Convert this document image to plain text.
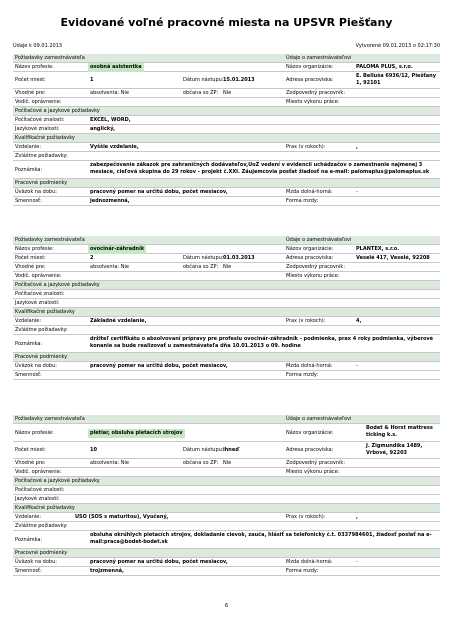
Evidované voľné pracovné miesta na UPSVR Piešťany
Údaje k 09.01.2013	Vytvorené 09.01.2013 o 02:17:30
Požiadavky zamestnávateľa	Údaje o zamestnávateľovi
Názov profesie:	osobná asistentka	Názov organizácie:	PALOMA PLUS, s.r.o.
Počet miest:	1	Dátum nástupu: 15.01.2013	Adresa pracoviska:
E. Belluša 6936/12, Piešťany 1, 92101
Vhodné pre:	absolventa: Nie	občana so ZP: Nie	Zodpovedný pracovník:
Vodič. oprávnenie:	Miesto výkonu práce:
Počítačové a jazykové požiadavky
Počítačové znalosti:	EXCEL, WORD,
Jazykové znalosti:	anglický,
Kvalifikačné požiadavky
Vzdelanie:	Vyššie vzdelanie,	Prax (v rokoch):	,
Zvláštne požiadavky:
Poznámka:
zabezpečovanie zákazok pre zahraničných dodávateľov,UoZ vedení v evidencii uchádzačov o zamestnanie najmenej 3 mesiace, cieľová skupina do 29 rokov - projekt č.XXI. Záujemcovia posťat žiadosť na e-mail: palomaplus@palomaplus.sk
Pracovné podmienky
Úväzok na dobu:	pracovný pomer na určitú dobu, počet mesiacov,	Mzda dolná-horná:	-
Smennosť:	jednozmenná,	Forma mzdy:
Požiadavky zamestnávateľa	Údaje o zamestnávateľovi
Názov profesie:	ovocinár-záhradník	Názov organizácie:	PLANTEX, s.r.o.
Počet miest:	2	Dátum nástupu: 01.03.2013	Adresa pracoviska:	Veselé 417, Veselé, 92208
Vhodné pre:	absolventa: Nie	občana so ZP: Nie	Zodpovedný pracovník:
Vodič. oprávnenie:	Miesto výkonu práce:
Počítačové a jazykové požiadavky
Počítačové znalosti:
Jazykové znalosti:
Kvalifikačné požiadavky
Vzdelanie:	Základné vzdelanie,	Prax (v rokoch):	4,
Zvláštne požiadavky:
Poznámka:
držiteľ certifikátu o absolvovaní prípravy pre profesiu ovocinár-záhradník - podmienka, prax 4 roky podmienka, výberové konanie sa bude realizovať u zamestnávateľa dňa 10.01.2013 o 09. hodine
Pracovné podmienky
Úväzok na dobu:	pracovný pomer na určitú dobu, počet mesiacov,	Mzda dolná-horná:	-
Smennosť:	Forma mzdy:
Požiadavky zamestnávateľa	Údaje o zamestnávateľovi
Názov profesie:	pletiar, obsluha pletacích strojov	Názov organizácie:
Bodet & Horst mattress ticking k.s.
Počet miest:	10	Dátum nástupu: ihneď	Adresa pracoviska:
J. Zigmundíka 1489, Vrbové, 92203
Vhodné pre:	absolventa: Nie	občana so ZP: Nie	Zodpovedný pracovník:
Vodič. oprávnenie:	Miesto výkonu práce:
Počítačové a jazykové požiadavky
Počítačové znalosti:
Jazykové znalosti:
Kvalifikačné požiadavky
Vzdelanie:	USO (SOS s maturitou), Vyučený,	Prax (v rokoch):	,
Zvláštne požiadavky:
Poznámka:
obsluha okrúhlych pletacích strojov, dokladanie cievok, zauča, hlásiť sa telefonicky č.t. 0337984601, žiadosť poslať na e-mail:praca@bodet-bodet.sk
Pracovné podmienky
Úväzok na dobu:	pracovný pomer na určitú dobu, počet mesiacov,	Mzda dolná-horná:	-
Smennosť:	trojzmenná,	Forma mzdy:
6
